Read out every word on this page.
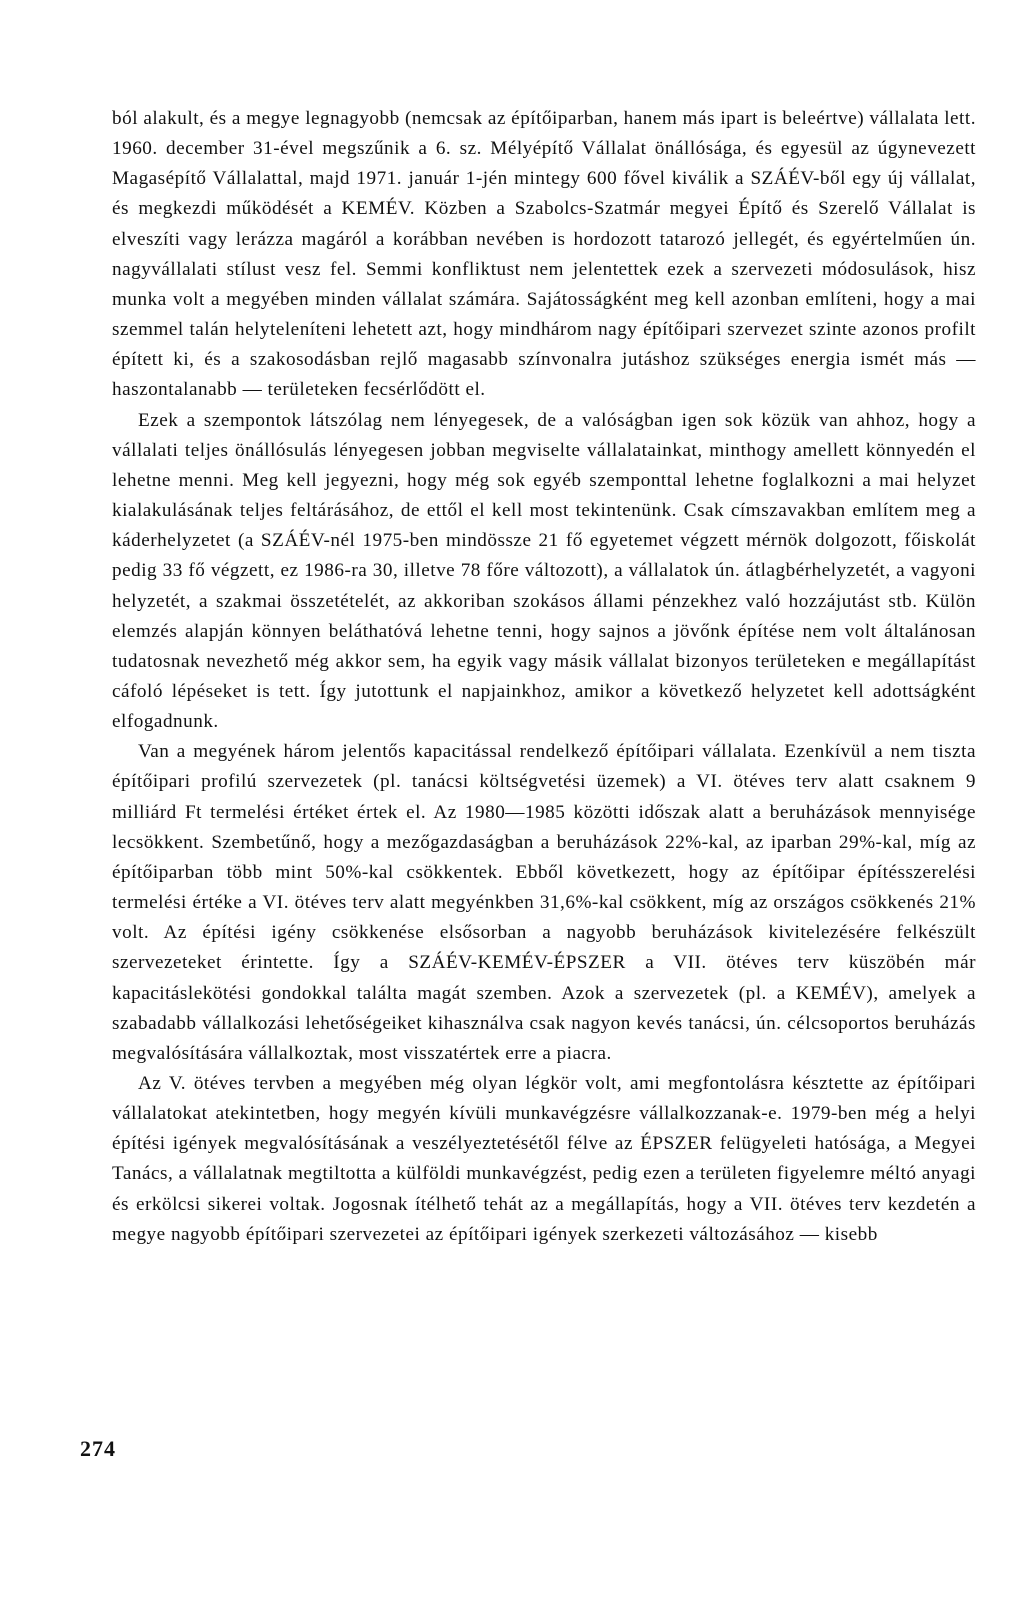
ból alakult, és a megye legnagyobb (nemcsak az építőiparban, hanem más ipart is beleértve) vállalata lett. 1960. december 31-ével megszűnik a 6. sz. Mélyépítő Vállalat önállósága, és egyesül az úgynevezett Magasépítő Vállalattal, majd 1971. január 1-jén mintegy 600 fővel kiválik a SZÁÉV-ből egy új vállalat, és megkezdi működését a KEMÉV. Közben a Szabolcs-Szatmár megyei Építő és Szerelő Vállalat is elveszíti vagy lerázza magáról a korábban nevében is hordozott tatarozó jellegét, és egyértelműen ún. nagyvállalati stílust vesz fel. Semmi konfliktust nem jelentettek ezek a szervezeti módosulások, hisz munka volt a megyében minden vállalat számára. Sajátosságként meg kell azonban említeni, hogy a mai szemmel talán helyteleníteni lehetett azt, hogy mindhárom nagy építőipari szervezet szinte azonos profilt épített ki, és a szakosodásban rejlő magasabb színvonalra jutáshoz szükséges energia ismét más — haszontalanabb — területeken fecsérlődött el.

Ezek a szempontok látszólag nem lényegesek, de a valóságban igen sok közük van ahhoz, hogy a vállalati teljes önállósulás lényegesen jobban megviselte vállalatainkat, minthogy amellett könnyedén el lehetne menni. Meg kell jegyezni, hogy még sok egyéb szemponttal lehetne foglalkozni a mai helyzet kialakulásának teljes feltárásához, de ettől el kell most tekintenünk. Csak címszavakban említem meg a káderhelyzetet (a SZÁÉV-nél 1975-ben mindössze 21 fő egyetemet végzett mérnök dolgozott, főiskolát pedig 33 fő végzett, ez 1986-ra 30, illetve 78 főre változott), a vállalatok ún. átlagbérhelyzetét, a vagyoni helyzetét, a szakmai összetételét, az akkoriban szokásos állami pénzekhez való hozzájutást stb. Külön elemzés alapján könnyen beláthatóvá lehetne tenni, hogy sajnos a jövőnk építése nem volt általánosan tudatosnak nevezhető még akkor sem, ha egyik vagy másik vállalat bizonyos területeken e megállapítást cáfoló lépéseket is tett. Így jutottunk el napjainkhoz, amikor a következő helyzetet kell adottságként elfogadnunk.

Van a megyének három jelentős kapacitással rendelkező építőipari vállalata. Ezenkívül a nem tiszta építőipari profilú szervezetek (pl. tanácsi költségvetési üzemek) a VI. ötéves terv alatt csaknem 9 milliárd Ft termelési értéket értek el. Az 1980—1985 közötti időszak alatt a beruházások mennyisége lecsökkent. Szembetűnő, hogy a mezőgazdaságban a beruházások 22%-kal, az iparban 29%-kal, míg az építőiparban több mint 50%-kal csökkentek. Ebből következett, hogy az építőipar építésszerelési termelési értéke a VI. ötéves terv alatt megyénkben 31,6%-kal csökkent, míg az országos csökkenés 21% volt. Az építési igény csökkenése elsősorban a nagyobb beruházások kivitelezésére felkészült szervezeteket érintette. Így a SZÁÉV-KEMÉV-ÉPSZER a VII. ötéves terv küszöbén már kapacitáslekötési gondokkal találta magát szemben. Azok a szervezetek (pl. a KEMÉV), amelyek a szabadabb vállalkozási lehetőségeiket kihasználva csak nagyon kevés tanácsi, ún. célcsoportos beruházás megvalósítására vállalkoztak, most visszatértek erre a piacra.

Az V. ötéves tervben a megyében még olyan légkör volt, ami megfontolásra késztette az építőipari vállalatokat atekintetben, hogy megyén kívüli munkavégzésre vállalkozzanak-e. 1979-ben még a helyi építési igények megvalósításának a veszélyeztetésétől félve az ÉPSZER felügyeleti hatósága, a Megyei Tanács, a vállalatnak megtiltotta a külföldi munkavégzést, pedig ezen a területen figyelemre méltó anyagi és erkölcsi sikerei voltak. Jogosnak ítélhető tehát az a megállapítás, hogy a VII. ötéves terv kezdetén a megye nagyobb építőipari szervezetei az építőipari igények szerkezeti változásához — kisebb

274
